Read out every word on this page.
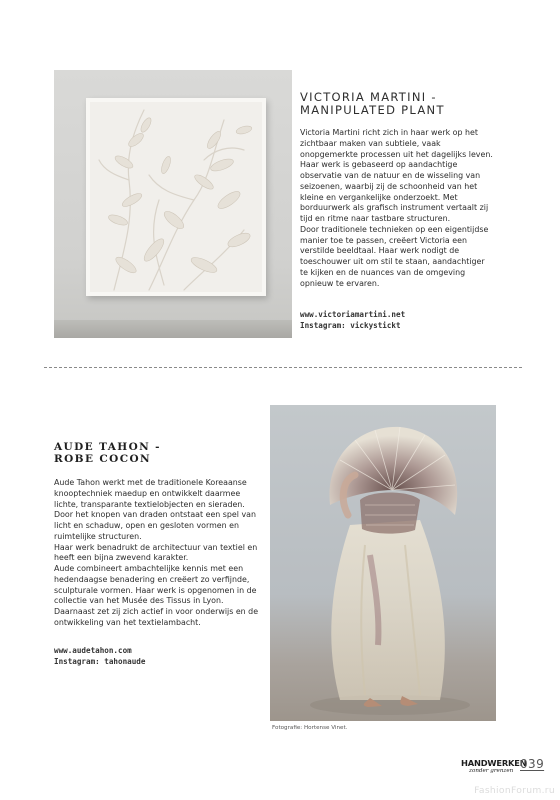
VICTORIA MARTINI -
MANIPULATED PLANT

Victoria Martini richt zich in haar werk op het zichtbaar maken van subtiele, vaak onopgemerkte processen uit het dagelijks leven. Haar werk is gebaseerd op aandachtige observatie van de natuur en de wisseling van seizoenen, waarbij zij de schoonheid van het kleine en vergankelijke onderzoekt. Met borduurwerk als grafisch instrument vertaalt zij tijd en ritme naar tastbare structuren.

Door traditionele technieken op een eigentijdse manier toe te passen, creëert Victoria een verstilde beeldtaal. Haar werk nodigt de toeschouwer uit om stil te staan, aandachtiger te kijken en de nuances van de omgeving opnieuw te ervaren.

www.victoriamartini.net
Instagram: vickystickt
AUDE TAHON -
ROBE COCON

Aude Tahon werkt met de traditionele Koreaanse knooptechniek maedup en ontwikkelt daarmee lichte, transparante textielobjecten en sieraden. Door het knopen van draden ontstaat een spel van licht en schaduw, open en gesloten vormen en ruimtelijke structuren.

Haar werk benadrukt de architectuur van textiel en heeft een bijna zwevend karakter.

Aude combineert ambachtelijke kennis met een hedendaagse benadering en creëert zo verfijnde, sculpturale vormen. Haar werk is opgenomen in de collectie van het Musée des Tissus in Lyon. Daarnaast zet zij zich actief in voor onderwijs en de ontwikkeling van het textielambacht.

www.audetahon.com
Instagram: tahonaude
Fotografie: Hortense Vinet.
HANDWERKEN
zonder grenzen 039
FashionForum.ru
